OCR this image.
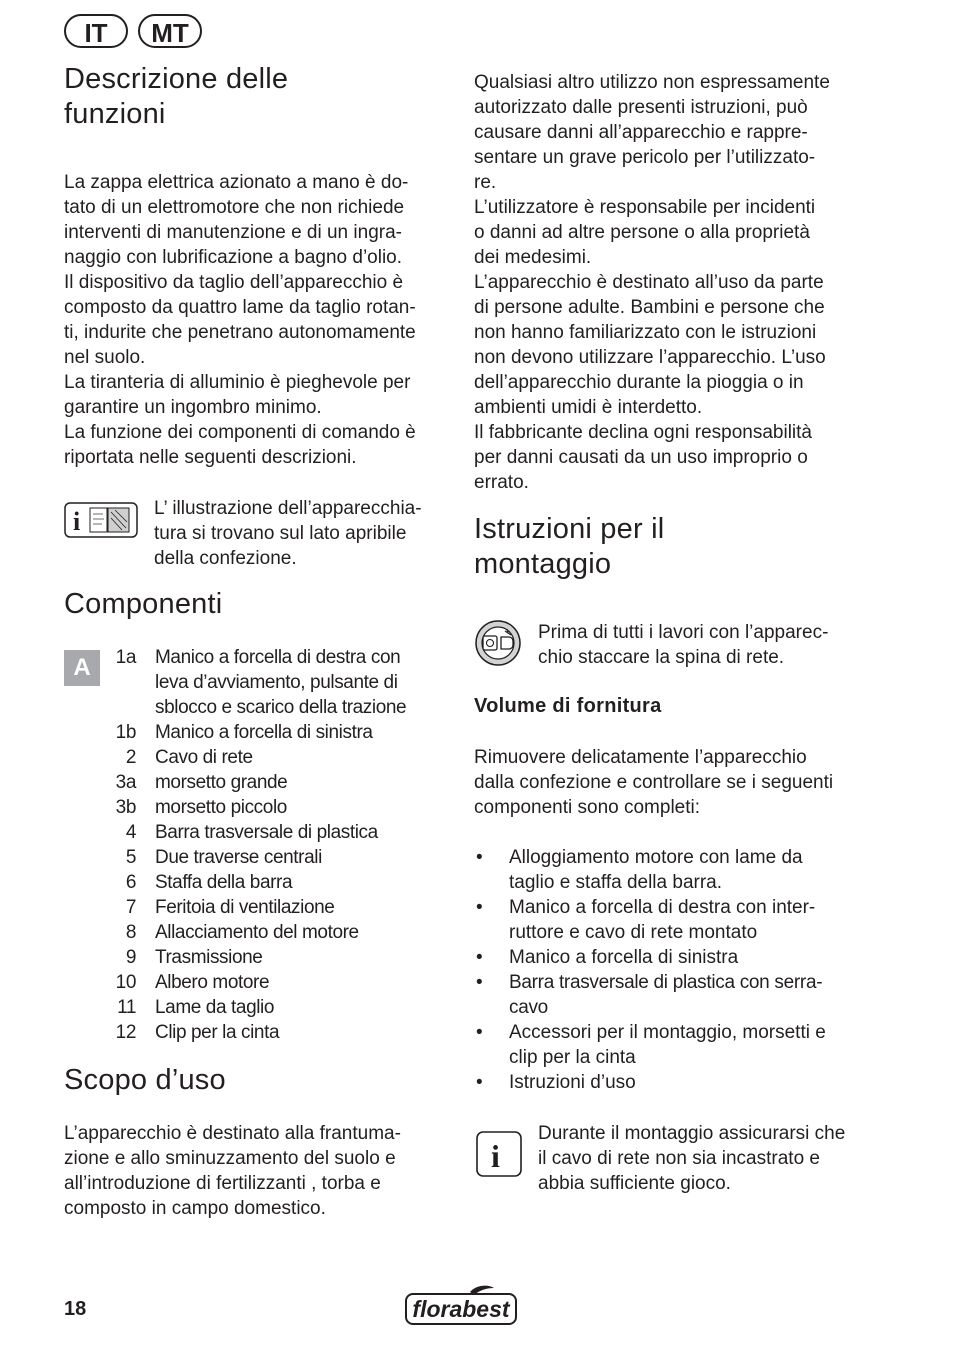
IT	MT
Descrizione delle
funzioni

La zappa elettrica azionato a mano è do-

tato di un elettromotore che non richiede

interventi di manutenzione e di un ingra-

naggio con lubrificazione a bagno d’olio.

Il dispositivo da taglio dell’apparecchio è

composto da quattro lame da taglio rotan-

ti, indurite che penetrano autonomamente

nel suolo.

La tiranteria di alluminio è pieghevole per

garantire un ingombro minimo.

La funzione dei componenti di comando è

riportata nelle seguenti descrizioni.

i	L’ illustrazione dell’apparecchia-

tura si trovano sul lato apribile

della confezione.

Componenti
A	1a Manico a forcella di destra con
leva d’avviamento, pulsante di
sblocco e scarico della trazione
1b Manico a forcella di sinistra
2 Cavo di rete
3a morsetto grande
3b morsetto piccolo
4 Barra trasversale di plastica
5 Due traverse centrali
6 Staffa della barra
7 Feritoia di ventilazione
8 Allacciamento del motore
9 Trasmissione
10 Albero motore
11 Lame da taglio
12 Clip per la cinta
Scopo d’uso

L’apparecchio è destinato alla frantuma-

zione e allo sminuzzamento del suolo e

all’introduzione di fertilizzanti , torba e

composto in campo domestico.

Qualsiasi altro utilizzo non espressamente

autorizzato dalle presenti istruzioni, può

causare danni all’apparecchio e rappre-

sentare un grave pericolo per l’utilizzato-

re.

L’utilizzatore è responsabile per incidenti

o danni ad altre persone o alla proprietà

dei medesimi.

L’apparecchio è destinato all’uso da parte

di persone adulte. Bambini e persone che

non hanno familiarizzato con le istruzioni

non devono utilizzare l’apparecchio. L’uso

dell’apparecchio durante la pioggia o in

ambienti umidi è interdetto.

Il fabbricante declina ogni responsabilità

per danni causati da un uso improprio o

errato.

Istruzioni per il
montaggio

Prima di tutti i lavori con l’apparec-

chio staccare la spina di rete.

Volume di fornitura

Rimuovere delicatamente l’apparecchio

dalla confezione e controllare se i seguenti

componenti sono completi:

• Alloggiamento motore con lame da
taglio e staffa della barra.
• Manico a forcella di destra con inter-
ruttore e cavo di rete montato
• Manico a forcella di sinistra
• Barra trasversale di plastica con serra-
cavo
• Accessori per il montaggio, morsetti e
clip per la cinta
• Istruzioni d’uso
i

Durante il montaggio assicurarsi che

il cavo di rete non sia incastrato e

abbia sufficiente gioco.

18	florabest
